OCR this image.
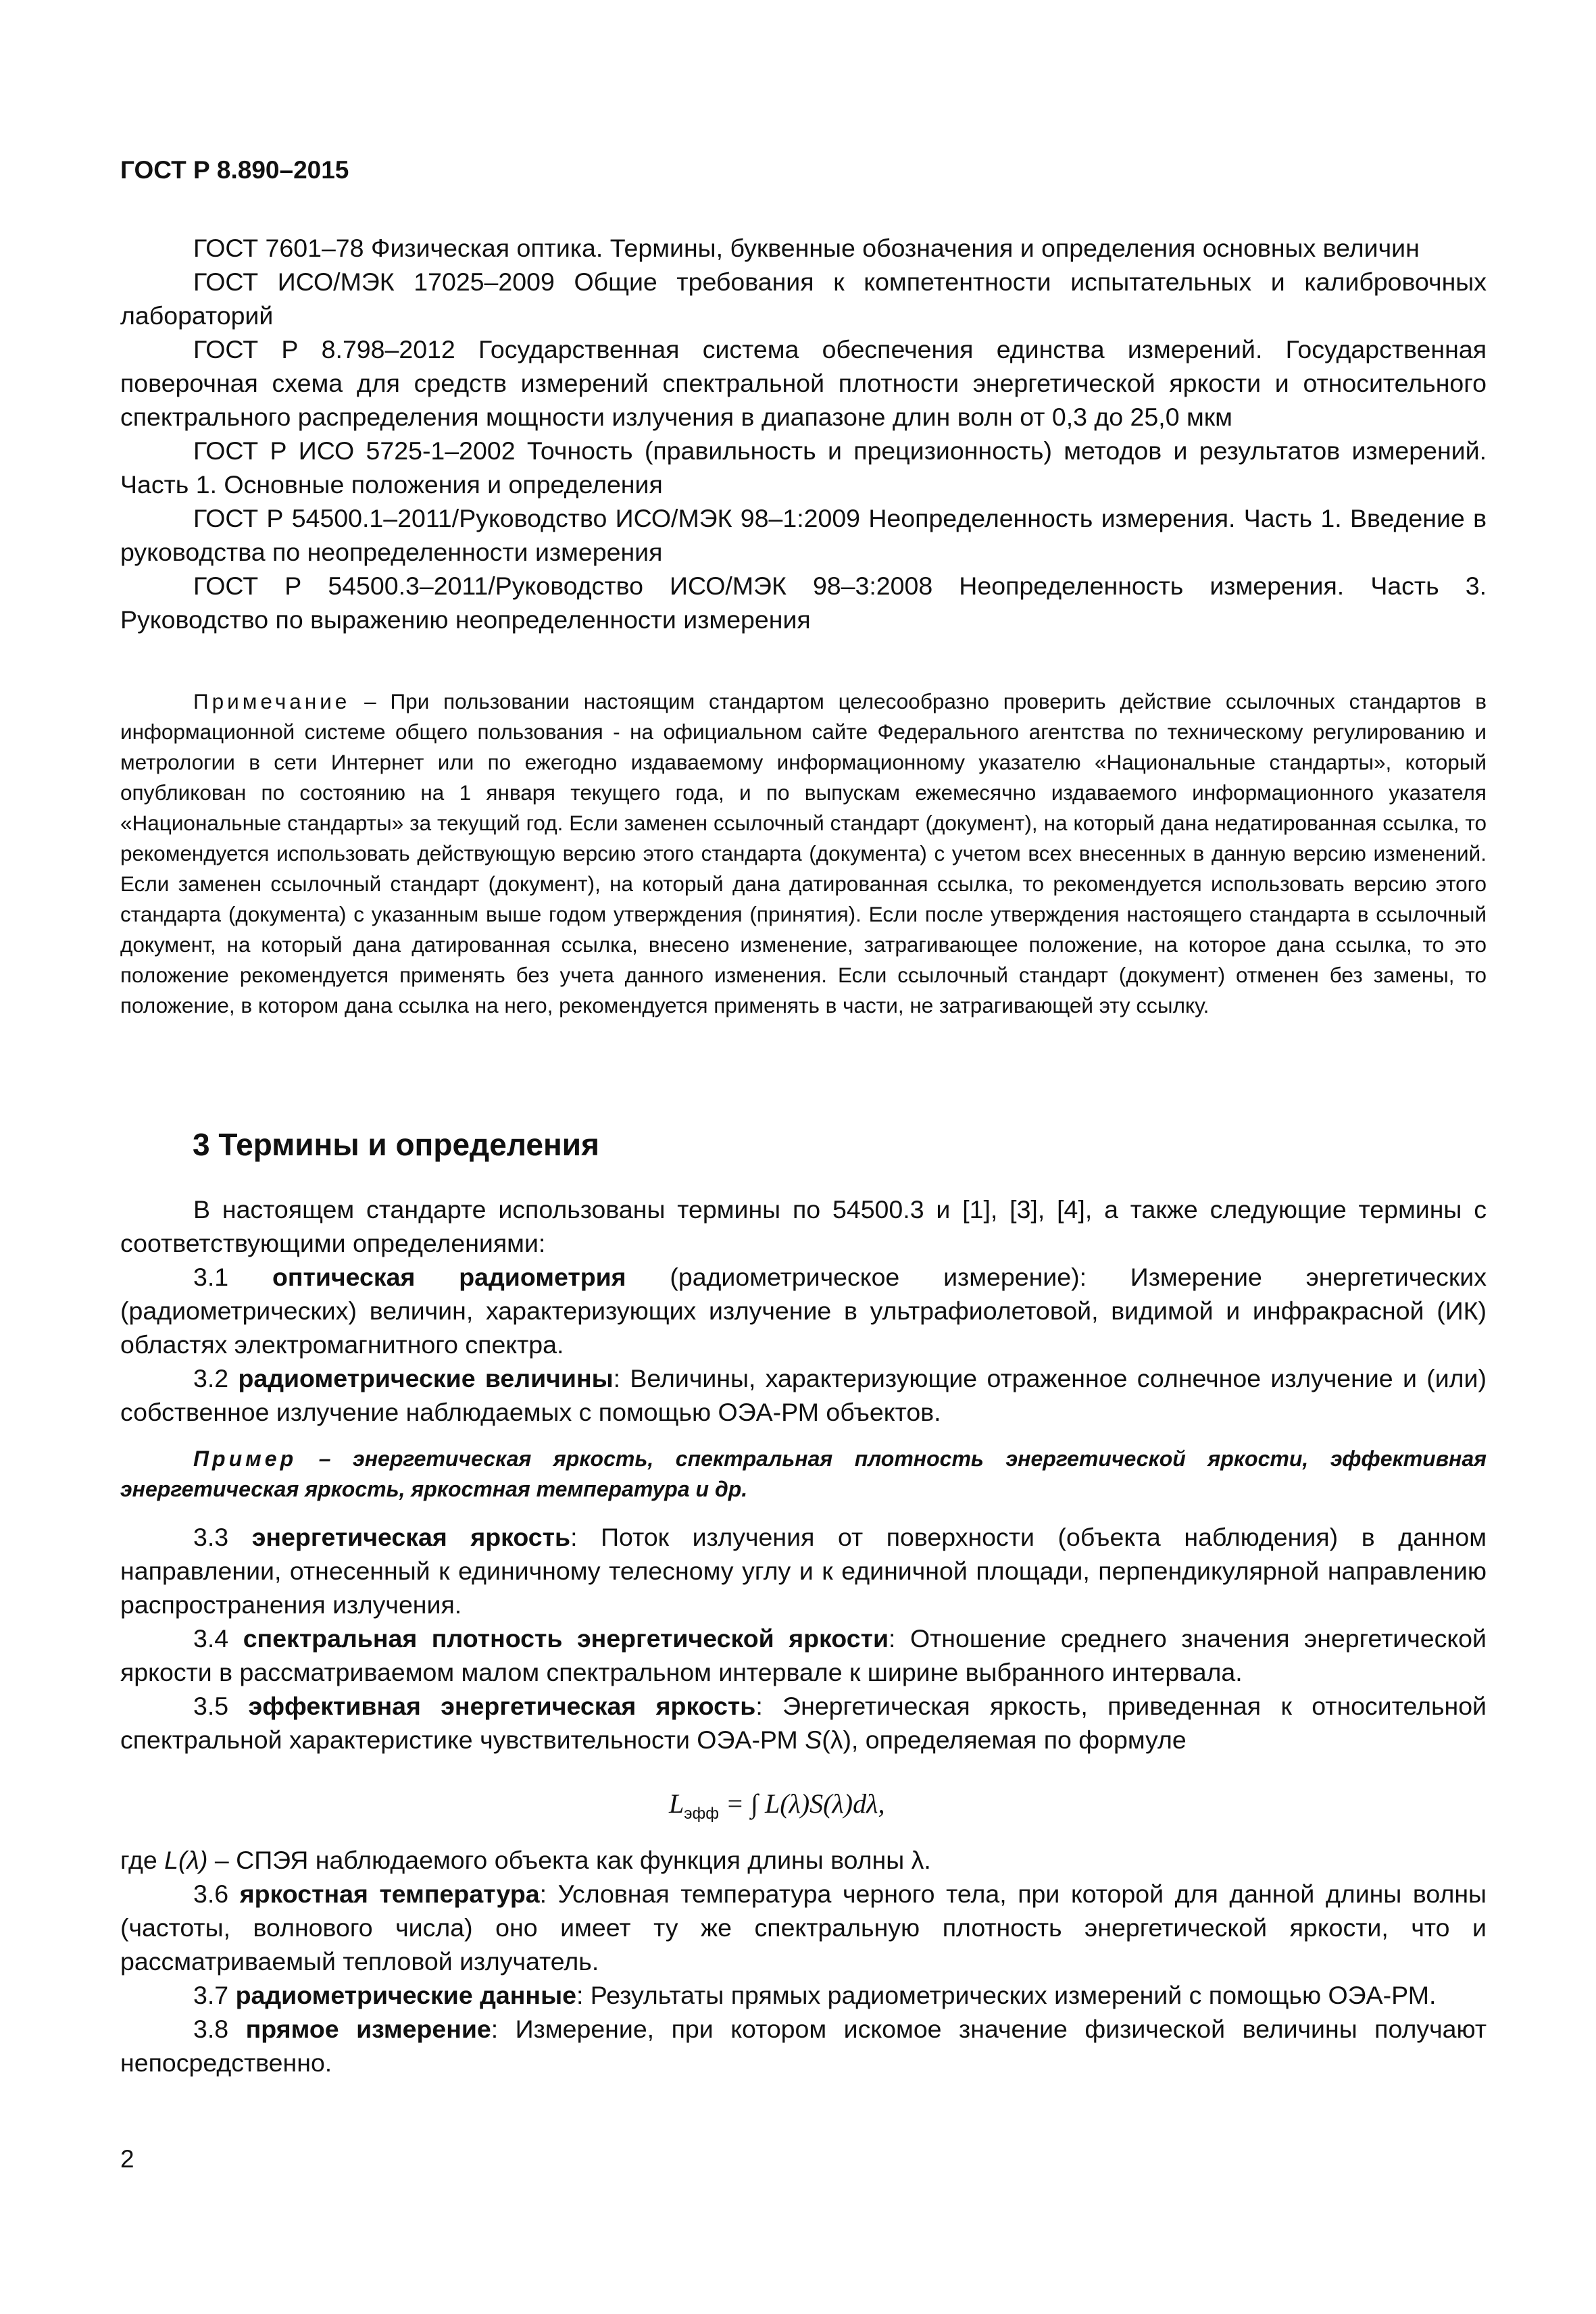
ГОСТ Р 8.890–2015

ГОСТ 7601–78 Физическая оптика. Термины, буквенные обозначения и определения основных величин

ГОСТ ИСО/МЭК 17025–2009 Общие требования к компетентности испытательных и калибровочных лабораторий

ГОСТ Р 8.798–2012 Государственная система обеспечения единства измерений. Государственная поверочная схема для средств измерений спектральной плотности энергетической яркости и относительного спектрального распределения мощности излучения в диапазоне длин волн от 0,3 до 25,0 мкм

ГОСТ Р ИСО 5725-1–2002 Точность (правильность и прецизионность) методов и результатов измерений. Часть 1. Основные положения и определения

ГОСТ Р 54500.1–2011/Руководство ИСО/МЭК 98–1:2009 Неопределенность измерения. Часть 1. Введение в руководства по неопределенности измерения

ГОСТ Р 54500.3–2011/Руководство ИСО/МЭК 98–3:2008 Неопределенность измерения. Часть 3. Руководство по выражению неопределенности измерения

Примечание – При пользовании настоящим стандартом целесообразно проверить действие ссылочных стандартов в информационной системе общего пользования - на официальном сайте Федерального агентства по техническому регулированию и метрологии в сети Интернет или по ежегодно издаваемому информационному указателю «Национальные стандарты», который опубликован по состоянию на 1 января текущего года, и по выпускам ежемесячно издаваемого информационного указателя «Национальные стандарты» за текущий год. Если заменен ссылочный стандарт (документ), на который дана недатированная ссылка, то рекомендуется использовать действующую версию этого стандарта (документа) с учетом всех внесенных в данную версию изменений. Если заменен ссылочный стандарт (документ), на который дана датированная ссылка, то рекомендуется использовать версию этого стандарта (документа) с указанным выше годом утверждения (принятия). Если после утверждения настоящего стандарта в ссылочный документ, на который дана датированная ссылка, внесено изменение, затрагивающее положение, на которое дана ссылка, то это положение рекомендуется применять без учета данного изменения. Если ссылочный стандарт (документ) отменен без замены, то положение, в котором дана ссылка на него, рекомендуется применять в части, не затрагивающей эту ссылку.

3 Термины и определения

В настоящем стандарте использованы термины по 54500.3 и [1], [3], [4], а также следующие термины с соответствующими определениями:

3.1 оптическая радиометрия (радиометрическое измерение): Измерение энергетических (радиометрических) величин, характеризующих излучение в ультрафиолетовой, видимой и инфракрасной (ИК) областях электромагнитного спектра.

3.2 радиометрические величины: Величины, характеризующие отраженное солнечное излучение и (или) собственное излучение наблюдаемых с помощью ОЭА-РМ объектов.

Пример – энергетическая яркость, спектральная плотность энергетической яркости, эффективная энергетическая яркость, яркостная температура и др.

3.3 энергетическая яркость: Поток излучения от поверхности (объекта наблюдения) в данном направлении, отнесенный к единичному телесному углу и к единичной площади, перпендикулярной направлению распространения излучения.

3.4 спектральная плотность энергетической яркости: Отношение среднего значения энергетической яркости в рассматриваемом малом спектральном интервале к ширине выбранного интервала.

3.5 эффективная энергетическая яркость: Энергетическая яркость, приведенная к относительной спектральной характеристике чувствительности ОЭА-РМ S(λ), определяемая по формуле

$L_{эфф}$ = ∫ L(λ)S(λ)dλ,

где L(λ) – СПЭЯ наблюдаемого объекта как функция длины волны λ.

3.6 яркостная температура: Условная температура черного тела, при которой для данной длины волны (частоты, волнового числа) оно имеет ту же спектральную плотность энергетической яркости, что и рассматриваемый тепловой излучатель.

3.7 радиометрические данные: Результаты прямых радиометрических измерений с помощью ОЭА-РМ.

3.8 прямое измерение: Измерение, при котором искомое значение физической величины получают непосредственно.

2
